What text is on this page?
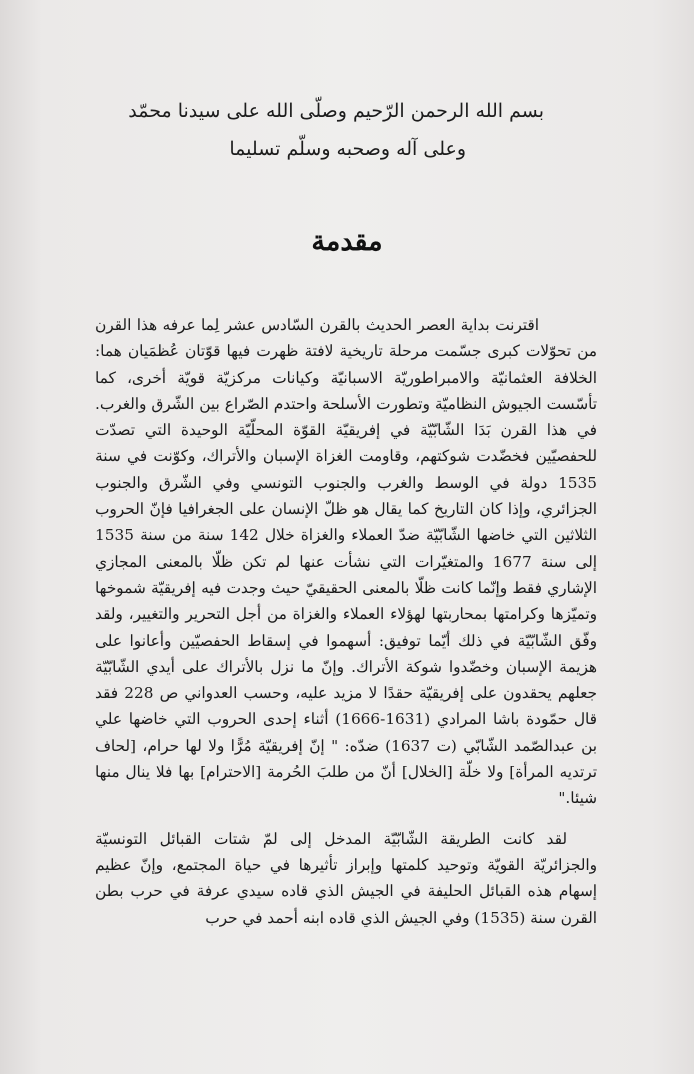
بسم الله الرحمن الرّحيم وصلّى الله على سيدنا محمّد
وعلى آله وصحبه وسلّم تسليما
مقدمة

اقترنت بداية العصر الحديث بالقرن السّادس عشر لِما عرفه هذا القرن من تحوّلات كبرى جسّمت مرحلة تاريخية لافتة ظهرت فيها قوّتان عُظمَيان هما: الخلافة العثمانيّة والامبراطوريّة الاسبانيّة وكيانات مركزيّة قويّة أخرى، كما تأسّست الجيوش النظاميّة وتطورت الأسلحة واحتدم الصّراع بين الشّرق والغرب. في هذا القرن بَدَا الشّابّيّة في إفريقيّة القوّة المحلّيّة الوحيدة التي تصدّت للحفصيّين فخضّدت شوكتهم، وقاومت الغزاة الإسبان والأتراك، وكوّنت في سنة 1535 دولة في الوسط والغرب والجنوب التونسي وفي الشّرق والجنوب الجزائري، وإذا كان التاريخ كما يقال هو ظلّ الإنسان على الجغرافيا فإنّ الحروب الثلاثين التي خاضها الشّابّيّة ضدّ العملاء والغزاة خلال 142 سنة من سنة 1535 إلى سنة 1677 والمتغيّرات التي نشأت عنها لم تكن ظلّا بالمعنى المجازي الإشاري فقط وإنّما كانت ظلّا بالمعنى الحقيقيّ حيث وجدت فيه إفريقيّة شموخها وتميّزها وكرامتها بمحاربتها لهؤلاء العملاء والغزاة من أجل التحرير والتغيير، ولقد وفّق الشّابّيّة في ذلك أيّما توفيق: أسهموا في إسقاط الحفصيّين وأعانوا على هزيمة الإسبان وخضّدوا شوكة الأتراك. وإنّ ما نزل بالأتراك على أيدي الشّابّيّة جعلهم يحقدون على إفريقيّة حقدًا لا مزيد عليه، وحسب العدواني ص 228 فقد قال حمّودة باشا المرادي (1631-1666) أثناء إحدى الحروب التي خاضها علي بن عبدالصّمد الشّابّي (ت 1637) ضدّه: " إنّ إفريقيّة مُرًّا ولا لها حرام، [لحاف ترتديه المرأة] ولا خلّة [الخلال] أنّ من طلبَ الحُرمة [الاحترام] بها فلا ينال منها شيئا."

لقد كانت الطريقة الشّابّيّة المدخل إلى لمّ شتات القبائل التونسيّة والجزائريّة القويّة وتوحيد كلمتها وإبراز تأثيرها في حياة المجتمع، وإنّ عظيم إسهام هذه القبائل الحليفة في الجيش الذي قاده سيدي عرفة في حرب بطن القرن سنة (1535) وفي الجيش الذي قاده ابنه أحمد في حرب
